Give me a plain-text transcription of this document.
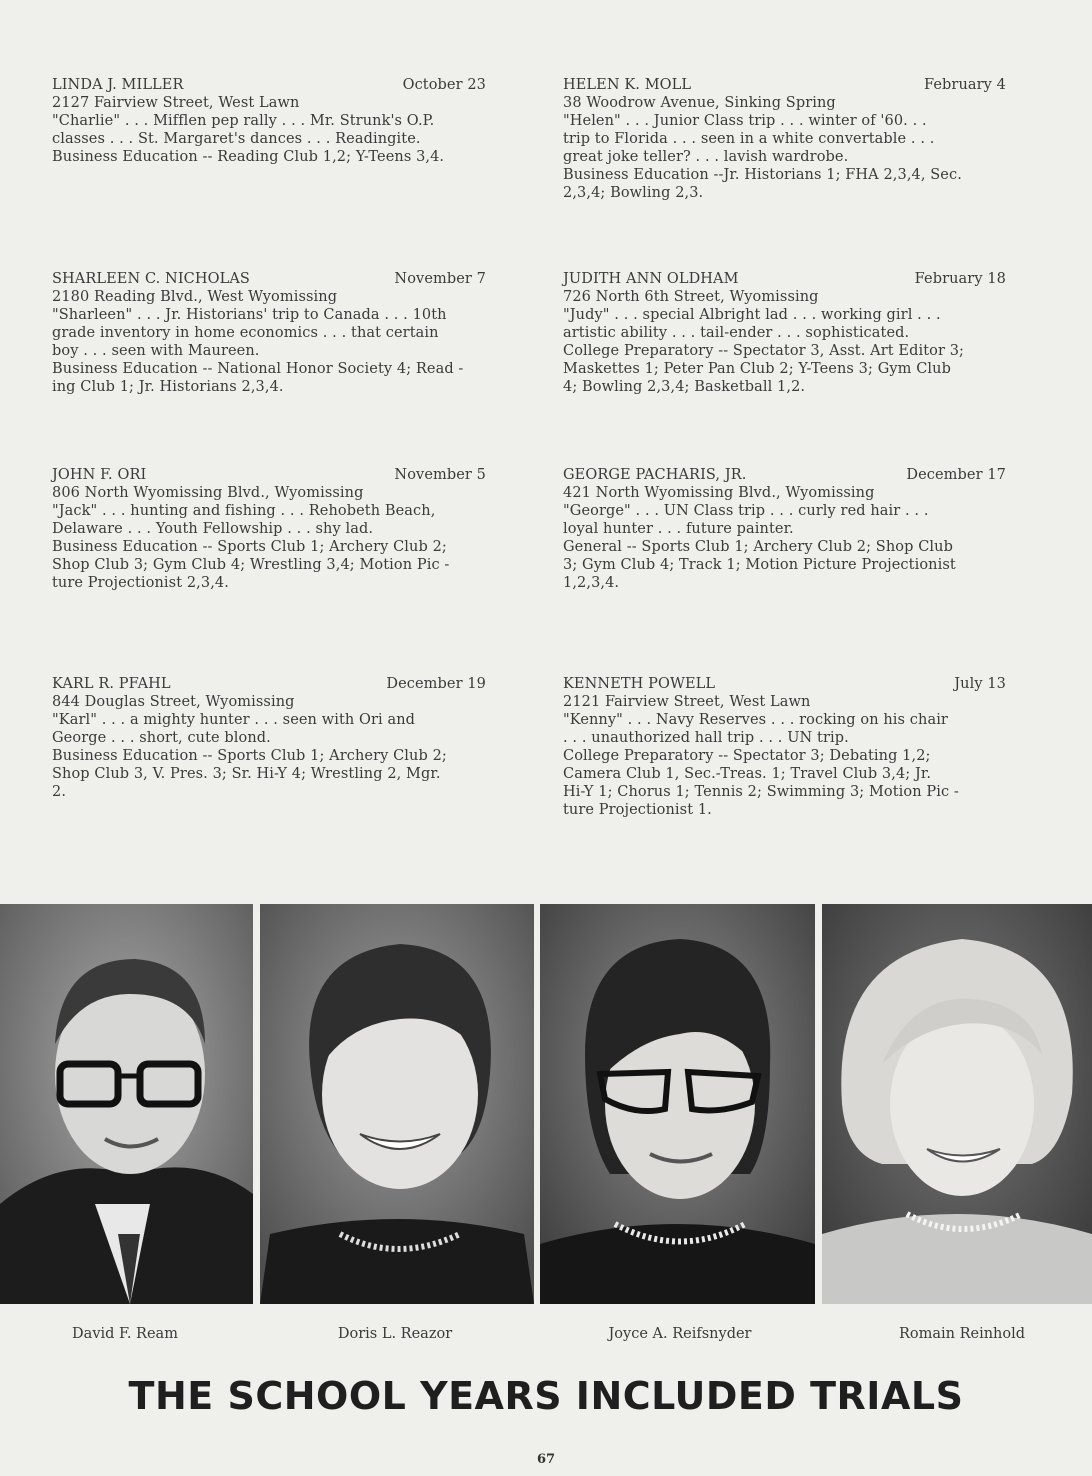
LINDA J. MILLER	October 23

2127 Fairview Street, West Lawn

"Charlie" . . . Mifflen pep rally . . . Mr. Strunk's O.P.

classes . . . St. Margaret's dances . . . Readingite.

Business Education -- Reading Club 1,2; Y-Teens 3,4.

HELEN K. MOLL	February 4

38 Woodrow Avenue, Sinking Spring

"Helen" . . . Junior Class trip . . . winter of '60. . .

trip to Florida . . . seen in a white convertable . . .

great joke teller? . . . lavish wardrobe.

Business Education --Jr. Historians 1; FHA 2,3,4, Sec.

2,3,4; Bowling 2,3.

SHARLEEN C. NICHOLAS	November 7

2180 Reading Blvd., West Wyomissing

"Sharleen" . . . Jr. Historians' trip to Canada . . . 10th

grade inventory in home economics . . . that certain

boy . . . seen with Maureen.

Business Education -- National Honor Society 4; Read -

ing Club 1; Jr. Historians 2,3,4.

JUDITH ANN OLDHAM	February 18

726 North 6th Street, Wyomissing

"Judy" . . . special Albright lad . . . working girl . . .

artistic ability . . . tail-ender . . . sophisticated.

College Preparatory -- Spectator 3, Asst. Art Editor 3;

Maskettes 1; Peter Pan Club 2; Y-Teens 3; Gym Club

4; Bowling 2,3,4; Basketball 1,2.

JOHN F. ORI	November 5

806 North Wyomissing Blvd., Wyomissing

"Jack" . . . hunting and fishing . . . Rehobeth Beach,

Delaware . . . Youth Fellowship . . . shy lad.

Business Education -- Sports Club 1; Archery Club 2;

Shop Club 3; Gym Club 4; Wrestling 3,4; Motion Pic -

ture Projectionist 2,3,4.

GEORGE PACHARIS, JR.	December 17

421 North Wyomissing Blvd., Wyomissing

"George" . . . UN Class trip . . . curly red hair . . .

loyal hunter . . . future painter.

General -- Sports Club 1; Archery Club 2; Shop Club

3; Gym Club 4; Track 1; Motion Picture Projectionist

1,2,3,4.

KARL R. PFAHL	December 19

844 Douglas Street, Wyomissing

"Karl" . . . a mighty hunter . . . seen with Ori and

George . . . short, cute blond.

Business Education -- Sports Club 1; Archery Club 2;

Shop Club 3, V. Pres. 3; Sr. Hi-Y 4; Wrestling 2, Mgr.

2.

KENNETH POWELL	July 13

2121 Fairview Street, West Lawn

"Kenny" . . . Navy Reserves . . . rocking on his chair

. . . unauthorized hall trip . . . UN trip.

College Preparatory -- Spectator 3; Debating 1,2;

Camera Club 1, Sec.-Treas. 1; Travel Club 3,4; Jr.

Hi-Y 1; Chorus 1; Tennis 2; Swimming 3; Motion Pic -

ture Projectionist 1.

David F. Ream	Doris L. Reazor	Joyce A. Reifsnyder	Romain Reinhold
THE SCHOOL YEARS INCLUDED TRIALS
67
